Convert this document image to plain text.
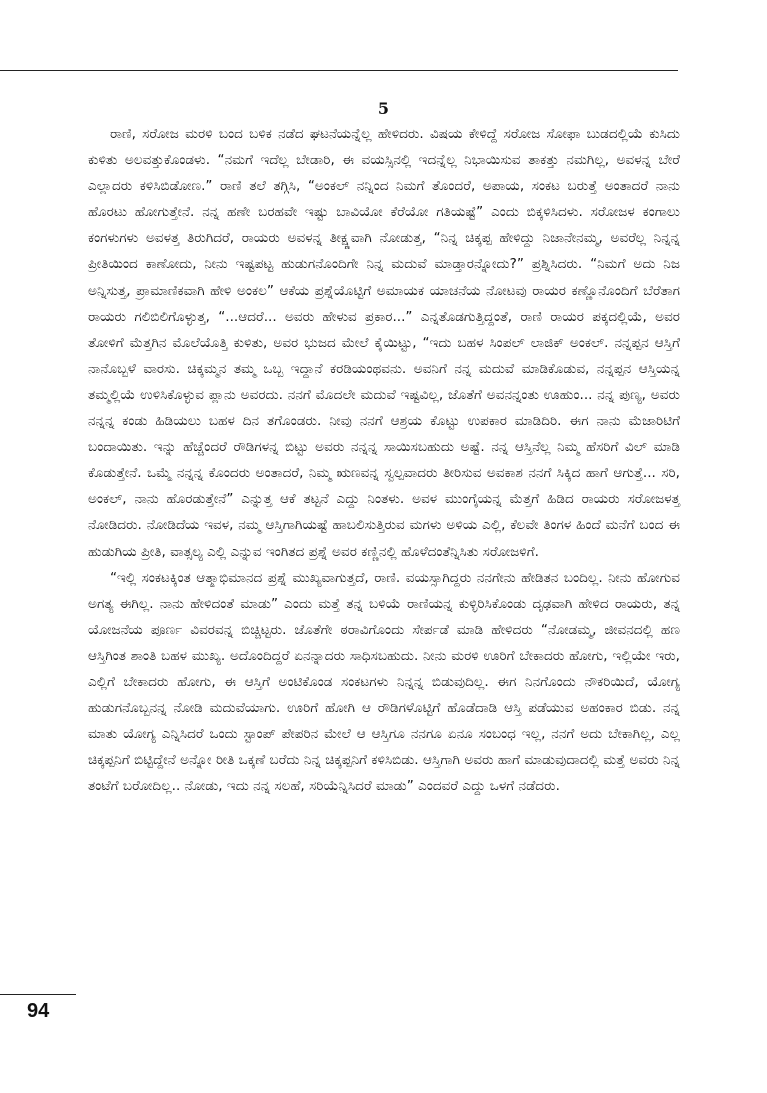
5

ರಾಣಿ, ಸರೋಜ ಮರಳಿ ಬಂದ ಬಳಿಕ ನಡೆದ ಘಟನೆಯನ್ನೆಲ್ಲ ಹೇಳಿದರು. ವಿಷಯ ಕೇಳಿದ್ದೆ ಸರೋಜ ಸೋಫಾ ಬುಡದಲ್ಲಿಯೆ ಕುಸಿದು ಕುಳಿತು ಅಲವತ್ತುಕೊಂಡಳು. “ನಮಗೆ ಇದೆಲ್ಲ ಬೇಡಾರಿ, ಈ ವಯಸ್ಸಿನಲ್ಲಿ ಇದನ್ನೆಲ್ಲ ನಿಭಾಯಿಸುವ ತಾಕತ್ತು ನಮಗಿಲ್ಲ, ಅವಳನ್ನ ಬೇರೆ ಎಲ್ಲಾದರು ಕಳಿಸಿಬಿಡೋಣ.” ರಾಣಿ ತಲೆ ತಗ್ಗಿಸಿ, “ಅಂಕಲ್ ನನ್ನಿಂದ ನಿಮಗೆ ತೊಂದರೆ, ಅಪಾಯ, ಸಂಕಟ ಬರುತ್ತೆ ಅಂತಾದರೆ ನಾನು ಹೊರಟು ಹೋಗುತ್ತೇನೆ. ನನ್ನ ಹಣೇ ಬರಹವೇ ಇಷ್ಟು ಬಾವಿಯೋ ಕೆರೆಯೋ ಗತಿಯಷ್ಟೆ” ಎಂದು ಬಿಕ್ಕಳಿಸಿದಳು. ಸರೋಜಳ ಕಂಗಾಲು ಕಂಗಳುಗಳು ಅವಳತ್ತ ತಿರುಗಿದರೆ, ರಾಯರು ಅವಳನ್ನ ತೀಕ್ಷ್ಣವಾಗಿ ನೋಡುತ್ತ, “ನಿನ್ನ ಚಿಕ್ಕಪ್ಪ ಹೇಳಿದ್ದು ನಿಜಾನೇನಮ್ಮ, ಅವರೆಲ್ಲ ನಿನ್ನನ್ನ ಪ್ರೀತಿಯಿಂದ ಕಾಣೋದು, ನೀನು ಇಷ್ಟಪಟ್ಟ ಹುಡುಗನೊಂದಿಗೇ ನಿನ್ನ ಮದುವೆ ಮಾಡ್ತಾರನ್ನೋದು?” ಪ್ರಶ್ನಿಸಿದರು. “ನಿಮಗೆ ಅದು ನಿಜ ಅನ್ನಿಸುತ್ತ, ಪ್ರಾಮಾಣಿಕವಾಗಿ ಹೇಳಿ ಅಂಕಲ” ಆಕೆಯ ಪ್ರಶ್ನೆಯೊಟ್ಟಿಗೆ ಅಮಾಯಕ ಯಾಚನೆಯ ನೋಟವು ರಾಯರ ಕಣ್ಣೊನೊಂದಿಗೆ ಬೆರೆತಾಗ ರಾಯರು ಗಲಿಬಿಲಿಗೊಳ್ಳುತ್ತ, “...ಆದರೆ... ಅವರು ಹೇಳುವ ಪ್ರಕಾರ...” ಎನ್ನತೊಡಗುತ್ತಿದ್ದಂತೆ, ರಾಣಿ ರಾಯರ ಪಕ್ಕದಲ್ಲಿಯೆ, ಅವರ ತೋಳಿಗೆ ಮೆತ್ತಗಿನ ಮೊಲೆಯೊತ್ತಿ ಕುಳಿತು, ಅವರ ಭುಜದ ಮೇಲೆ ಕೈಯಿಟ್ಟು, “ಇದು ಬಹಳ ಸಿಂಪಲ್ ಲಾಜಿಕ್ ಅಂಕಲ್. ನನ್ನಪ್ಪನ ಆಸ್ತಿಗೆ ನಾನೊಬ್ಬಳೆ ವಾರಸು. ಚಿಕ್ಕಮ್ಮನ ತಮ್ಮ ಒಬ್ಬ ಇದ್ದಾನೆ ಕರಡಿಯಂಥವನು. ಅವನಿಗೆ ನನ್ನ ಮದುವೆ ಮಾಡಿಕೊಡುವ, ನನ್ನಪ್ಪನ ಆಸ್ತಿಯನ್ನ ತಮ್ಮಲ್ಲಿಯೆ ಉಳಿಸಿಕೊಳ್ಳುವ ಪ್ಲಾನು ಅವರದು. ನನಗೆ ಮೊದಲೇ ಮದುವೆ ಇಷ್ಟವಿಲ್ಲ, ಜೊತೆಗೆ ಅವನನ್ನಂತು ಊಹುಂ... ನನ್ನ ಪುಣ್ಯ, ಅವರು ನನ್ನನ್ನ ಕಂಡು ಹಿಡಿಯಲು ಬಹಳ ದಿನ ತಗೊಂಡರು. ನೀವು ನನಗೆ ಆಶ್ರಯ ಕೊಟ್ಟು ಉಪಕಾರ ಮಾಡಿದಿರಿ. ಈಗ ನಾನು ಮೆಜಾರಿಟಿಗೆ ಬಂದಾಯಿತು. ಇನ್ನು ಹೆಚ್ಚೆಂದರೆ ರೌಡಿಗಳನ್ನ ಬಿಟ್ಟು ಅವರು ನನ್ನನ್ನ ಸಾಯಿಸಬಹುದು ಅಷ್ಟೆ. ನನ್ನ ಆಸ್ತಿನೆಲ್ಲ ನಿಮ್ಮ ಹೆಸರಿಗೆ ವಿಲ್ ಮಾಡಿ ಕೊಡುತ್ತೇನೆ. ಒಮ್ಮೆ ನನ್ನನ್ನ ಕೊಂದರು ಅಂತಾದರೆ, ನಿಮ್ಮ ಋಣವನ್ನ ಸ್ವಲ್ಪವಾದರು ತೀರಿಸುವ ಅವಕಾಶ ನನಗೆ ಸಿಕ್ಕಿದ ಹಾಗೆ ಆಗುತ್ತೆ... ಸರಿ, ಅಂಕಲ್, ನಾನು ಹೊರಡುತ್ತೇನೆ” ಎನ್ನುತ್ತ ಆಕೆ ತಟ್ಟನೆ ಎದ್ದು ನಿಂತಳು. ಅವಳ ಮುಂಗೈಯನ್ನ ಮೆತ್ತಗೆ ಹಿಡಿದ ರಾಯರು ಸರೋಜಳತ್ತ ನೋಡಿದರು. ನೋಡಿದೆಯ ಇವಳ, ನಮ್ಮ ಆಸ್ತಿಗಾಗಿಯಷ್ಟೆ ಹಾಬಲಿಸುತ್ತಿರುವ ಮಗಳು ಅಳಿಯ ಎಲ್ಲಿ, ಕೆಲವೇ ತಿಂಗಳ ಹಿಂದೆ ಮನೆಗೆ ಬಂದ ಈ ಹುಡುಗಿಯ ಪ್ರೀತಿ, ವಾತ್ಸಲ್ಯ ಎಲ್ಲಿ ಎನ್ನುವ ಇಂಗಿತದ ಪ್ರಶ್ನೆ ಅವರ ಕಣ್ಣಿನಲ್ಲಿ ಹೊಳೆದಂತೆನ್ನಿಸಿತು ಸರೋಜಳಿಗೆ.

“ಇಲ್ಲಿ ಸಂಕಟಕ್ಕಿಂತ ಆತ್ಮಾಭಿಮಾನದ ಪ್ರಶ್ನೆ ಮುಖ್ಯವಾಗುತ್ತದೆ, ರಾಣಿ. ವಯಸ್ಸಾಗಿದ್ದರು ನನಗೇನು ಹೇಡಿತನ ಬಂದಿಲ್ಲ. ನೀನು ಹೋಗುವ ಅಗತ್ಯ ಈಗಿಲ್ಲ. ನಾನು ಹೇಳಿದಂತೆ ಮಾಡು” ಎಂದು ಮತ್ತೆ ತನ್ನ ಬಳಿಯೆ ರಾಣಿಯನ್ನ ಕುಳ್ಳಿರಿಸಿಕೊಂಡು ದೃಢವಾಗಿ ಹೇಳಿದ ರಾಯರು, ತನ್ನ ಯೋಜನೆಯ ಪೂರ್ಣ ವಿವರವನ್ನ ಬಿಚ್ಚಿಟ್ಟರು. ಜೊತೆಗೇ ಠರಾವಿಗೊಂದು ಸೇರ್ಪಡೆ ಮಾಡಿ ಹೇಳಿದರು “ನೋಡಮ್ಮ, ಜೀವನದಲ್ಲಿ ಹಣ ಆಸ್ತಿಗಿಂತ ಶಾಂತಿ ಬಹಳ ಮುಖ್ಯ. ಅದೊಂದಿದ್ದರೆ ಏನನ್ನಾದರು ಸಾಧಿಸಬಹುದು. ನೀನು ಮರಳಿ ಊರಿಗೆ ಬೇಕಾದರು ಹೋಗು, ಇಲ್ಲಿಯೇ ಇರು, ಎಲ್ಲಿಗೆ ಬೇಕಾದರು ಹೋಗು, ಈ ಆಸ್ತಿಗೆ ಅಂಟಿಕೊಂಡ ಸಂಕಟಗಳು ನಿನ್ನನ್ನ ಬಿಡುವುದಿಲ್ಲ. ಈಗ ನಿನಗೊಂದು ನೌಕರಿಯಿದೆ, ಯೋಗ್ಯ ಹುಡುಗನೊಬ್ಬನನ್ನ ನೋಡಿ ಮದುವೆಯಾಗು. ಊರಿಗೆ ಹೋಗಿ ಆ ರೌಡಿಗಳೊಟ್ಟಿಗೆ ಹೊಡೆದಾಡಿ ಆಸ್ತಿ ಪಡೆಯುವ ಅಹಂಕಾರ ಬಿಡು. ನನ್ನ ಮಾತು ಯೋಗ್ಯ ಎನ್ನಿಸಿದರೆ ಒಂದು ಸ್ಟಾಂಪ್ ಪೇಪರಿನ ಮೇಲೆ ಆ ಆಸ್ತಿಗೂ ನನಗೂ ಏನೂ ಸಂಬಂಧ ಇಲ್ಲ, ನನಗೆ ಅದು ಬೇಕಾಗಿಲ್ಲ, ಎಲ್ಲ ಚಿಕ್ಕಪ್ಪನಿಗೆ ಬಿಟ್ಟಿದ್ದೇನೆ ಅನ್ನೋ ರೀತಿ ಒಕ್ಕಣೆ ಬರೆದು ನಿನ್ನ ಚಿಕ್ಕಪ್ಪನಿಗೆ ಕಳಿಸಿಬಿಡು. ಆಸ್ತಿಗಾಗಿ ಅವರು ಹಾಗೆ ಮಾಡುವುದಾದಲ್ಲಿ ಮತ್ತೆ ಅವರು ನಿನ್ನ ತಂಟೆಗೆ ಬರೋದಿಲ್ಲ.. ನೋಡು, ಇದು ನನ್ನ ಸಲಹೆ, ಸರಿಯೆನ್ನಿಸಿದರೆ ಮಾಡು” ಎಂದವರೆ ಎದ್ದು ಒಳಗೆ ನಡೆದರು.

94
